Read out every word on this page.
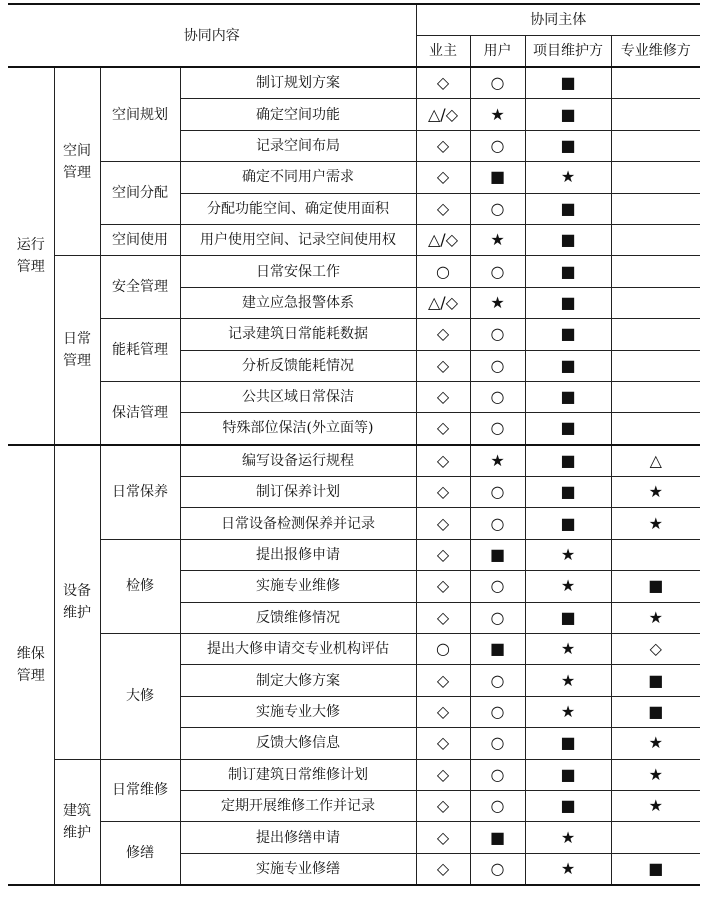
协同内容				协同主体			
				业主	用户	项目维护方	专业维修方
运行管理	空间管理	空间规划	制订规划方案	◇	○	■	
			确定空间功能	△/◇	★	■	
			记录空间布局	◇	○	■	
		空间分配	确定不同用户需求	◇	■	★	
			分配功能空间、确定使用面积	◇	○	■	
		空间使用	用户使用空间、记录空间使用权	△/◇	★	■	
	日常管理	安全管理	日常安保工作	○	○	■	
			建立应急报警体系	△/◇	★	■	
		能耗管理	记录建筑日常能耗数据	◇	○	■	
			分析反馈能耗情况	◇	○	■	
		保洁管理	公共区域日常保洁	◇	○	■	
			特殊部位保洁(外立面等)	◇	○	■	
维保管理	设备维护	日常保养	编写设备运行规程	◇	★	■	△
			制订保养计划	◇	○	■	★
			日常设备检测保养并记录	◇	○	■	★
		检修	提出报修申请	◇	■	★	
			实施专业维修	◇	○	★	■
			反馈维修情况	◇	○	■	★
		大修	提出大修申请交专业机构评估	○	■	★	◇
			制定大修方案	◇	○	★	■
			实施专业大修	◇	○	★	■
			反馈大修信息	◇	○	■	★
	建筑维护	日常维修	制订建筑日常维修计划	◇	○	■	★
			定期开展维修工作并记录	◇	○	■	★
		修缮	提出修缮申请	◇	■	★	
			实施专业修缮	◇	○	★	■
